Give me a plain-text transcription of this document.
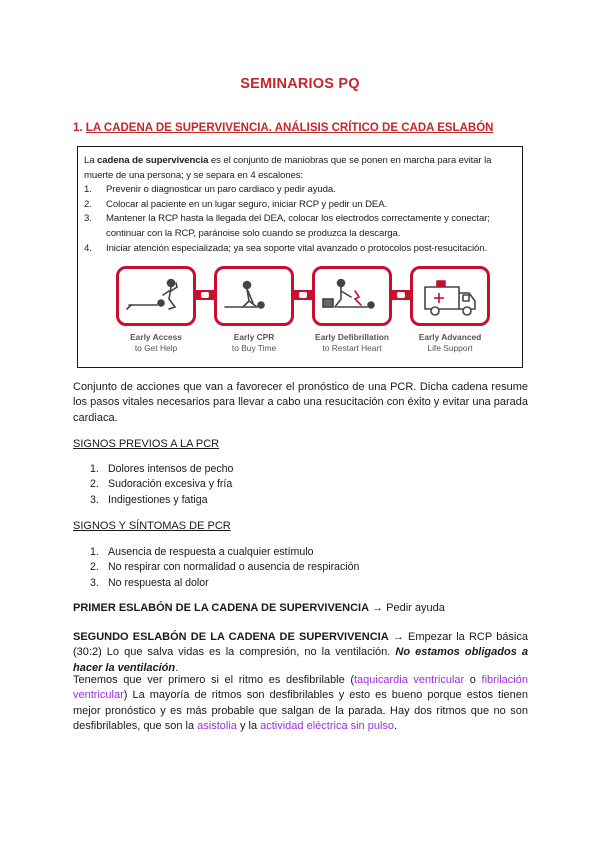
SEMINARIOS PQ
1. LA CADENA DE SUPERVIVENCIA. ANÁLISIS CRÍTICO DE CADA ESLABÓN
La cadena de supervivencia es el conjunto de maniobras que se ponen en marcha para evitar la muerte de una persona; y se separa en 4 escalones:
1. Prevenir o diagnosticar un paro cardiaco y pedir ayuda.
2. Colocar al paciente en un lugar seguro, iniciar RCP y pedir un DEA.
3. Mantener la RCP hasta la llegada del DEA, colocar los electrodos correctamente y conectar; continuar con la RCP, paránoise solo cuando se produzca la descarga.
4. Iniciar atención especializada; ya sea soporte vital avanzado o protocolos post-resucitación.
Early Access
to Get Help
Early CPR
to Buy Time
Early Defibrillation
to Restart Heart
Early Advanced
Life Support
Conjunto de acciones que van a favorecer el pronóstico de una PCR. Dicha cadena resume los pasos vitales necesarios para llevar a cabo una resucitación con éxito y evitar una parada cardiaca.
SIGNOS PREVIOS A LA PCR
1. Dolores intensos de pecho
2. Sudoración excesiva y fría
3. Indigestiones y fatiga
SIGNOS Y SÍNTOMAS DE PCR
1. Ausencia de respuesta a cualquier estímulo
2. No respirar con normalidad o ausencia de respiración
3. No respuesta al dolor
PRIMER ESLABÓN DE LA CADENA DE SUPERVIVENCIA → Pedir ayuda
SEGUNDO ESLABÓN DE LA CADENA DE SUPERVIVENCIA → Empezar la RCP básica (30:2) Lo que salva vidas es la compresión, no la ventilación. No estamos obligados a hacer la ventilación.
Tenemos que ver primero si el ritmo es desfibrilable (taquicardia ventricular o fibrilación ventricular) La mayoría de ritmos son desfibrilables y esto es bueno porque estos tienen mejor pronóstico y es más probable que salgan de la parada. Hay dos ritmos que no son desfibrilables, que son la asistolia y la actividad eléctrica sin pulso.
